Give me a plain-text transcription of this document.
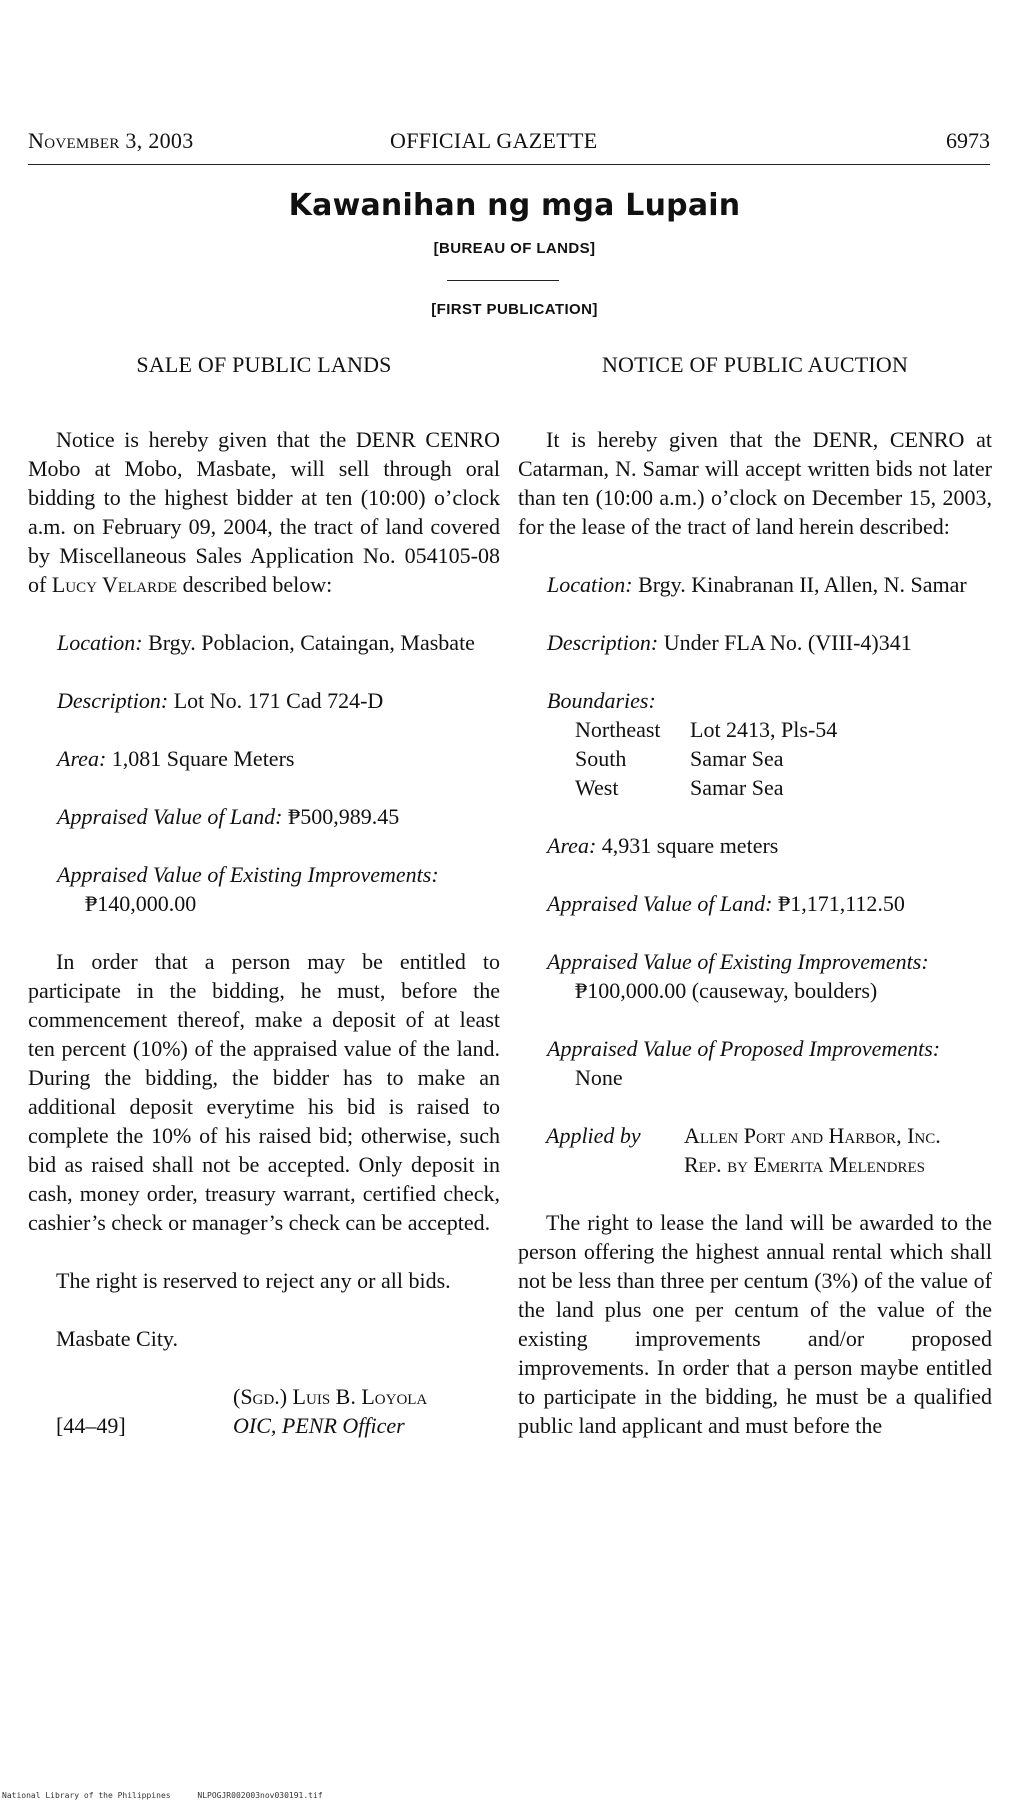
November 3, 2003	OFFICIAL GAZETTE	6973
Kawanihan ng mga Lupain
[BUREAU OF LANDS]
[FIRST PUBLICATION]
SALE OF PUBLIC LANDS

Notice is hereby given that the DENR CENRO Mobo at Mobo, Masbate, will sell through oral bidding to the highest bidder at ten (10:00) o’clock a.m. on February 09, 2004, the tract of land covered by Miscellaneous Sales Application No. 054105-08 of Lucy Velarde described below:

Location: Brgy. Poblacion, Cataingan, Masbate
Description: Lot No. 171 Cad 724-D
Area: 1,081 Square Meters
Appraised Value of Land: ₱500,989.45
Appraised Value of Existing Improvements: ₱140,000.00

In order that a person may be entitled to participate in the bidding, he must, before the commencement thereof, make a deposit of at least ten percent (10%) of the appraised value of the land. During the bidding, the bidder has to make an additional deposit everytime his bid is raised to complete the 10% of his raised bid; otherwise, such bid as raised shall not be accepted. Only deposit in cash, money order, treasury warrant, certified check, cashier’s check or manager’s check can be accepted.

The right is reserved to reject any or all bids.

Masbate City.

(Sgd.) Luis B. Loyola
OIC, PENR Officer
[44–49]
NOTICE OF PUBLIC AUCTION

It is hereby given that the DENR, CENRO at Catarman, N. Samar will accept written bids not later than ten (10:00 a.m.) o’clock on December 15, 2003, for the lease of the tract of land herein described:

Location: Brgy. Kinabranan II, Allen, N. Samar
Description: Under FLA No. (VIII-4)341
Boundaries:
Northeast	Lot 2413, Pls-54
South	Samar Sea
West	Samar Sea
Area: 4,931 square meters
Appraised Value of Land: ₱1,171,112.50
Appraised Value of Existing Improvements: ₱100,000.00 (causeway, boulders)
Appraised Value of Proposed Improvements: None
Applied by	Allen Port and Harbor, Inc.
Rep. by Emerita Melendres

The right to lease the land will be awarded to the person offering the highest annual rental which shall not be less than three per centum (3%) of the value of the land plus one per centum of the value of the existing improvements and/or proposed improvements. In order that a person maybe entitled to participate in the bidding, he must be a qualified public land applicant and must before the

National Library of the Philippines	NLPOGJR002003nov030191.tif
